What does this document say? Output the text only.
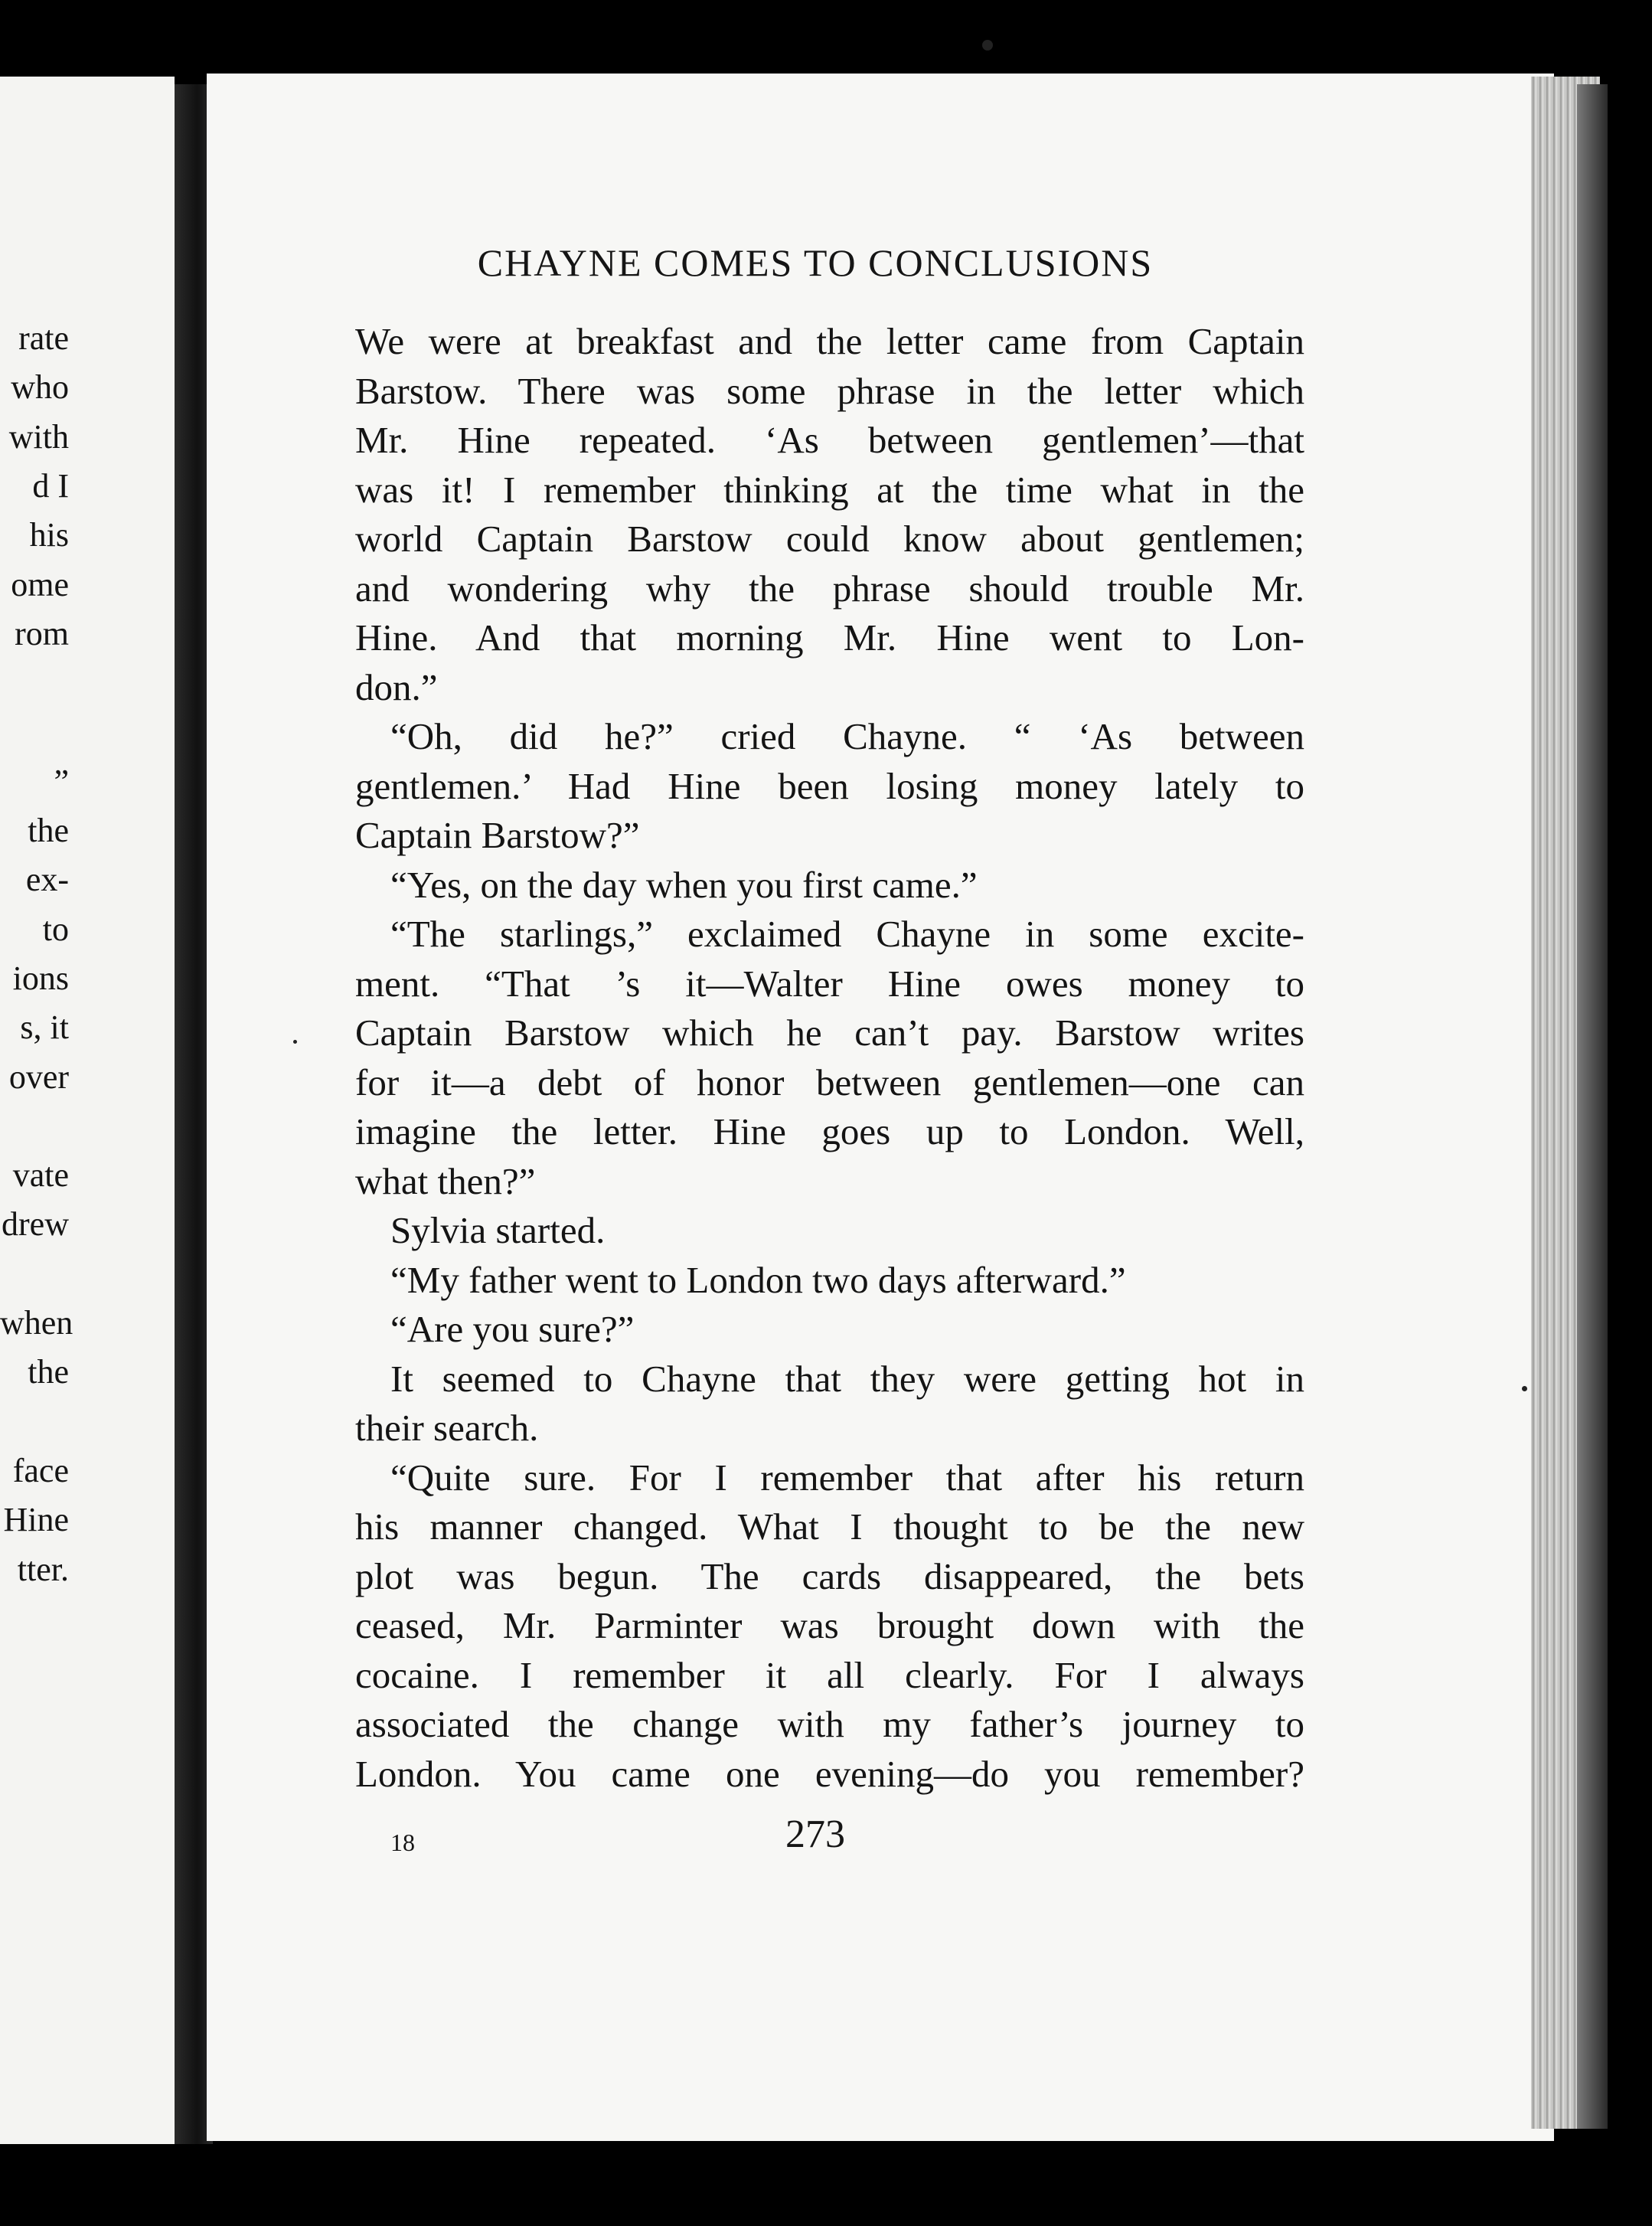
rate
who
with
d I
his
ome
rom
”
the
ex-
to
ions
s, it
over
vate
drew
when
the
face
Hine
tter.
CHAYNE COMES TO CONCLUSIONS
We were at breakfast and the letter came from Captain
Barstow. There was some phrase in the letter which
Mr. Hine repeated. ‘As between gentlemen’—that
was it! I remember thinking at the time what in the
world Captain Barstow could know about gentlemen;
and wondering why the phrase should trouble Mr.
Hine. And that morning Mr. Hine went to Lon-
don.”
“Oh, did he?” cried Chayne. “ ‘As between
gentlemen.’ Had Hine been losing money lately to
Captain Barstow?”
“Yes, on the day when you first came.”
“The starlings,” exclaimed Chayne in some excite-
ment. “That ’s it—Walter Hine owes money to
Captain Barstow which he can’t pay. Barstow writes
for it—a debt of honor between gentlemen—one can
imagine the letter. Hine goes up to London. Well,
what then?”
Sylvia started.
“My father went to London two days afterward.”
“Are you sure?”
It seemed to Chayne that they were getting hot in
their search.
“Quite sure. For I remember that after his return
his manner changed. What I thought to be the new
plot was begun. The cards disappeared, the bets
ceased, Mr. Parminter was brought down with the
cocaine. I remember it all clearly. For I always
associated the change with my father’s journey to
London. You came one evening—do you remember?
18	273
